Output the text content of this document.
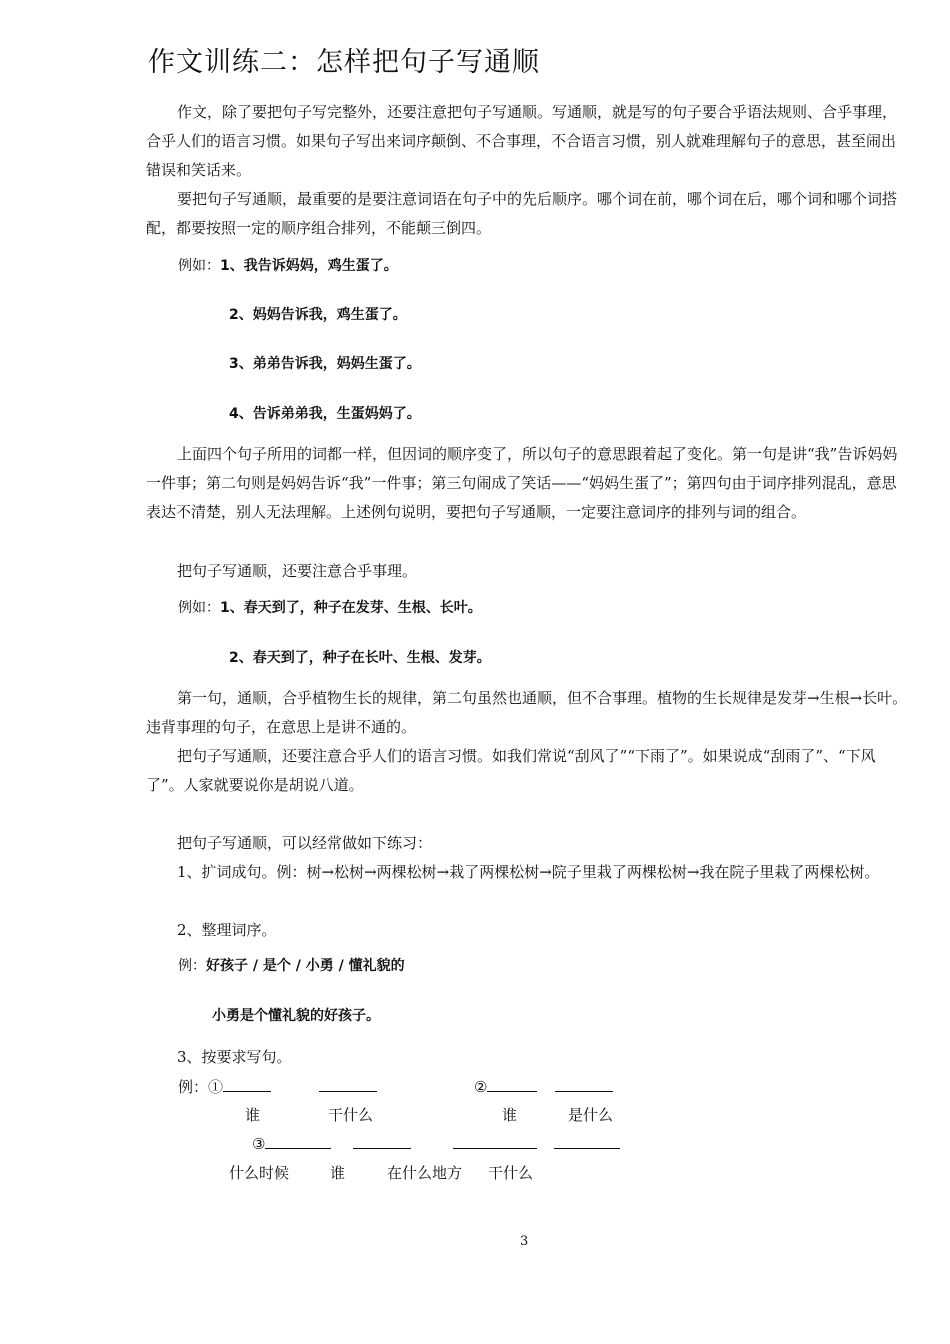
作文训练二：怎样把句子写通顺

作文，除了要把句子写完整外，还要注意把句子写通顺。写通顺，就是写的句子要合乎语法规则、合乎事理，合乎人们的语言习惯。如果句子写出来词序颠倒、不合事理，不合语言习惯，别人就难理解句子的意思，甚至闹出错误和笑话来。

要把句子写通顺，最重要的是要注意词语在句子中的先后顺序。哪个词在前，哪个词在后，哪个词和哪个词搭配，都要按照一定的顺序组合排列，不能颠三倒四。

例如：1、我告诉妈妈，鸡生蛋了。
2、妈妈告诉我，鸡生蛋了。
3、弟弟告诉我，妈妈生蛋了。
4、告诉弟弟我，生蛋妈妈了。

上面四个句子所用的词都一样，但因词的顺序变了，所以句子的意思跟着起了变化。第一句是讲“我”告诉妈妈一件事；第二句则是妈妈告诉“我”一件事；第三句闹成了笑话——“妈妈生蛋了”；第四句由于词序排列混乱，意思表达不清楚，别人无法理解。上述例句说明，要把句子写通顺，一定要注意词序的排列与词的组合。

把句子写通顺，还要注意合乎事理。

例如：1、春天到了，种子在发芽、生根、长叶。
2、春天到了，种子在长叶、生根、发芽。

第一句，通顺，合乎植物生长的规律，第二句虽然也通顺，但不合事理。植物的生长规律是发芽→生根→长叶。违背事理的句子，在意思上是讲不通的。

把句子写通顺，还要注意合乎人们的语言习惯。如我们常说“刮风了”“下雨了”。如果说成“刮雨了”、“下风了”。人家就要说你是胡说八道。

把句子写通顺，可以经常做如下练习：

1、扩词成句。例：树→松树→两棵松树→栽了两棵松树→院子里栽了两棵松树→我在院子里栽了两棵松树。

2、整理词序。

例：好孩子 / 是个 / 小勇 / 懂礼貌的
小勇是个懂礼貌的好孩子。

3、按要求写句。

例：①	②
谁	干什么	谁	是什么
③
什么时候	谁	在什么地方 干什么
3
